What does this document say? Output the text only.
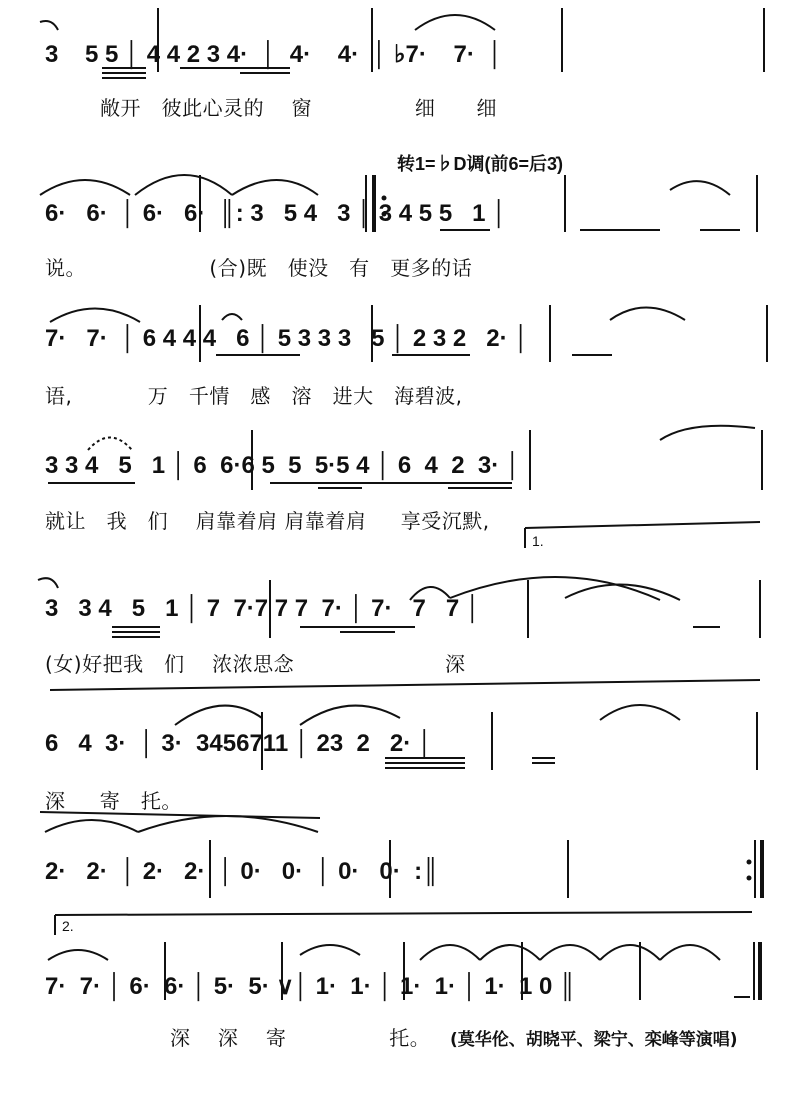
3    5 5 │ 4 4 2 3 4·  │  4·    4·  │ ♭7·    7·  │
敞开   彼此心灵的    窗               细      细
转1=♭D调(前6=后3̇)
6·   6·  │ 6·   6·  ║: 3   5 4   3 │ 3 4 5 5   1 │
说。                  (合)既   使没   有   更多的话
7·   7·  │ 6 4 4 4   6 │ 5 3 3 3   5 │ 2 3 2   2· │
语,           万   千情   感   溶   进大   海碧波,
3 3 4   5   1 │ 6  6·6 5  5  5·5 4 │ 6  4  2  3· │
就让   我   们    肩靠着肩 肩靠着肩     享受沉默,
1.
3   3 4   5   1 │ 7  7·7 7 7  7· │ 7·   7   7 │
(女)好把我   们    浓浓思念                      深
6   4  3·  │ 3·  3456711 │ 23  2   2· │
深     寄   托。
2·   2·  │ 2·   2·  │ 0·   0·  │ 0·   0·  :║
2.
7·  7· │ 6·  6· │ 5·  5· ∨│ 1·  1· │ 1·  1· │ 1·  1 0 ║
深    深    寄               托。 (莫华伦、胡晓平、梁宁、栾峰等演唱)
